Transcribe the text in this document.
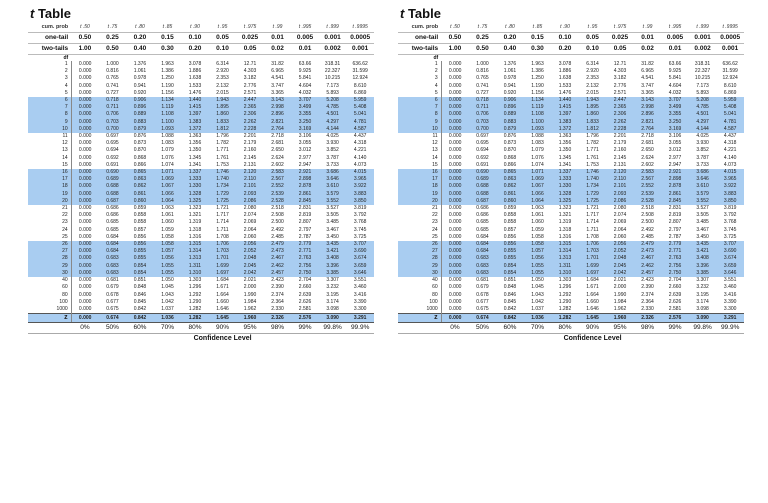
t Table
cum. prob	t .50	t .75	t .80	t .85	t .90	t .95	t .975	t .99	t .995	t .999	t .9995
one-tail	0.50	0.25	0.20	0.15	0.10	0.05	0.025	0.01	0.005	0.001	0.0005
two-tails	1.00	0.50	0.40	0.30	0.20	0.10	0.05	0.02	0.01	0.002	0.001
df											
1	0.000	1.000	1.376	1.963	3.078	6.314	12.71	31.82	63.66	318.31	636.62
2	0.000	0.816	1.061	1.386	1.886	2.920	4.303	6.965	9.925	22.327	31.599
3	0.000	0.765	0.978	1.250	1.638	2.353	3.182	4.541	5.841	10.215	12.924
4	0.000	0.741	0.941	1.190	1.533	2.132	2.776	3.747	4.604	7.173	8.610
5	0.000	0.727	0.920	1.156	1.476	2.015	2.571	3.365	4.032	5.893	6.869
6	0.000	0.718	0.906	1.134	1.440	1.943	2.447	3.143	3.707	5.208	5.959
7	0.000	0.711	0.896	1.119	1.415	1.895	2.365	2.998	3.499	4.785	5.408
8	0.000	0.706	0.889	1.108	1.397	1.860	2.306	2.896	3.355	4.501	5.041
9	0.000	0.703	0.883	1.100	1.383	1.833	2.262	2.821	3.250	4.297	4.781
10	0.000	0.700	0.879	1.093	1.372	1.812	2.228	2.764	3.169	4.144	4.587
11	0.000	0.697	0.876	1.088	1.363	1.796	2.201	2.718	3.106	4.025	4.437
12	0.000	0.695	0.873	1.083	1.356	1.782	2.179	2.681	3.055	3.930	4.318
13	0.000	0.694	0.870	1.079	1.350	1.771	2.160	2.650	3.012	3.852	4.221
14	0.000	0.692	0.868	1.076	1.345	1.761	2.145	2.624	2.977	3.787	4.140
15	0.000	0.691	0.866	1.074	1.341	1.753	2.131	2.602	2.947	3.733	4.073
16	0.000	0.690	0.865	1.071	1.337	1.746	2.120	2.583	2.921	3.686	4.015
17	0.000	0.689	0.863	1.069	1.333	1.740	2.110	2.567	2.898	3.646	3.965
18	0.000	0.688	0.862	1.067	1.330	1.734	2.101	2.552	2.878	3.610	3.922
19	0.000	0.688	0.861	1.066	1.328	1.729	2.093	2.539	2.861	3.579	3.883
20	0.000	0.687	0.860	1.064	1.325	1.725	2.086	2.528	2.845	3.552	3.850
21	0.000	0.686	0.859	1.063	1.323	1.721	2.080	2.518	2.831	3.527	3.819
22	0.000	0.686	0.858	1.061	1.321	1.717	2.074	2.508	2.819	3.505	3.792
23	0.000	0.685	0.858	1.060	1.319	1.714	2.069	2.500	2.807	3.485	3.768
24	0.000	0.685	0.857	1.059	1.318	1.711	2.064	2.492	2.797	3.467	3.745
25	0.000	0.684	0.856	1.058	1.316	1.708	2.060	2.485	2.787	3.450	3.725
26	0.000	0.684	0.856	1.058	1.315	1.706	2.056	2.479	2.779	3.435	3.707
27	0.000	0.684	0.855	1.057	1.314	1.703	2.052	2.473	2.771	3.421	3.690
28	0.000	0.683	0.855	1.056	1.313	1.701	2.048	2.467	2.763	3.408	3.674
29	0.000	0.683	0.854	1.055	1.311	1.699	2.045	2.462	2.756	3.396	3.659
30	0.000	0.683	0.854	1.055	1.310	1.697	2.042	2.457	2.750	3.385	3.646
40	0.000	0.681	0.851	1.050	1.303	1.684	2.021	2.423	2.704	3.307	3.551
60	0.000	0.679	0.848	1.045	1.296	1.671	2.000	2.390	2.660	3.232	3.460
80	0.000	0.678	0.846	1.043	1.292	1.664	1.990	2.374	2.639	3.195	3.416
100	0.000	0.677	0.845	1.042	1.290	1.660	1.984	2.364	2.626	3.174	3.390
1000	0.000	0.675	0.842	1.037	1.282	1.646	1.962	2.330	2.581	3.098	3.300
z	0.000	0.674	0.842	1.036	1.282	1.645	1.960	2.326	2.576	3.090	3.291
	0%	50%	60%	70%	80%	90%	95%	98%	99%	99.8%	99.9%
	Confidence Level										
t Table
cum. prob	t .50	t .75	t .80	t .85	t .90	t .95	t .975	t .99	t .995	t .999	t .9995
one-tail	0.50	0.25	0.20	0.15	0.10	0.05	0.025	0.01	0.005	0.001	0.0005
two-tails	1.00	0.50	0.40	0.30	0.20	0.10	0.05	0.02	0.01	0.002	0.001
df											
1	0.000	1.000	1.376	1.963	3.078	6.314	12.71	31.82	63.66	318.31	636.62
2	0.000	0.816	1.061	1.386	1.886	2.920	4.303	6.965	9.925	22.327	31.599
3	0.000	0.765	0.978	1.250	1.638	2.353	3.182	4.541	5.841	10.215	12.924
4	0.000	0.741	0.941	1.190	1.533	2.132	2.776	3.747	4.604	7.173	8.610
5	0.000	0.727	0.920	1.156	1.476	2.015	2.571	3.365	4.032	5.893	6.869
6	0.000	0.718	0.906	1.134	1.440	1.943	2.447	3.143	3.707	5.208	5.959
7	0.000	0.711	0.896	1.119	1.415	1.895	2.365	2.998	3.499	4.785	5.408
8	0.000	0.706	0.889	1.108	1.397	1.860	2.306	2.896	3.355	4.501	5.041
9	0.000	0.703	0.883	1.100	1.383	1.833	2.262	2.821	3.250	4.297	4.781
10	0.000	0.700	0.879	1.093	1.372	1.812	2.228	2.764	3.169	4.144	4.587
11	0.000	0.697	0.876	1.088	1.363	1.796	2.201	2.718	3.106	4.025	4.437
12	0.000	0.695	0.873	1.083	1.356	1.782	2.179	2.681	3.055	3.930	4.318
13	0.000	0.694	0.870	1.079	1.350	1.771	2.160	2.650	3.012	3.852	4.221
14	0.000	0.692	0.868	1.076	1.345	1.761	2.145	2.624	2.977	3.787	4.140
15	0.000	0.691	0.866	1.074	1.341	1.753	2.131	2.602	2.947	3.733	4.073
16	0.000	0.690	0.865	1.071	1.337	1.746	2.120	2.583	2.921	3.686	4.015
17	0.000	0.689	0.863	1.069	1.333	1.740	2.110	2.567	2.898	3.646	3.965
18	0.000	0.688	0.862	1.067	1.330	1.734	2.101	2.552	2.878	3.610	3.922
19	0.000	0.688	0.861	1.066	1.328	1.729	2.093	2.539	2.861	3.579	3.883
20	0.000	0.687	0.860	1.064	1.325	1.725	2.086	2.528	2.845	3.552	3.850
21	0.000	0.686	0.859	1.063	1.323	1.721	2.080	2.518	2.831	3.527	3.819
22	0.000	0.686	0.858	1.061	1.321	1.717	2.074	2.508	2.819	3.505	3.792
23	0.000	0.685	0.858	1.060	1.319	1.714	2.069	2.500	2.807	3.485	3.768
24	0.000	0.685	0.857	1.059	1.318	1.711	2.064	2.492	2.797	3.467	3.745
25	0.000	0.684	0.856	1.058	1.316	1.708	2.060	2.485	2.787	3.450	3.725
26	0.000	0.684	0.856	1.058	1.315	1.706	2.056	2.479	2.779	3.435	3.707
27	0.000	0.684	0.855	1.057	1.314	1.703	2.052	2.473	2.771	3.421	3.690
28	0.000	0.683	0.855	1.056	1.313	1.701	2.048	2.467	2.763	3.408	3.674
29	0.000	0.683	0.854	1.055	1.311	1.699	2.045	2.462	2.756	3.396	3.659
30	0.000	0.683	0.854	1.055	1.310	1.697	2.042	2.457	2.750	3.385	3.646
40	0.000	0.681	0.851	1.050	1.303	1.684	2.021	2.423	2.704	3.307	3.551
60	0.000	0.679	0.848	1.045	1.296	1.671	2.000	2.390	2.660	3.232	3.460
80	0.000	0.678	0.846	1.043	1.292	1.664	1.990	2.374	2.639	3.195	3.416
100	0.000	0.677	0.845	1.042	1.290	1.660	1.984	2.364	2.626	3.174	3.390
1000	0.000	0.675	0.842	1.037	1.282	1.646	1.962	2.330	2.581	3.098	3.300
z	0.000	0.674	0.842	1.036	1.282	1.645	1.960	2.326	2.576	3.090	3.291
	0%	50%	60%	70%	80%	90%	95%	98%	99%	99.8%	99.9%
	Confidence Level										
